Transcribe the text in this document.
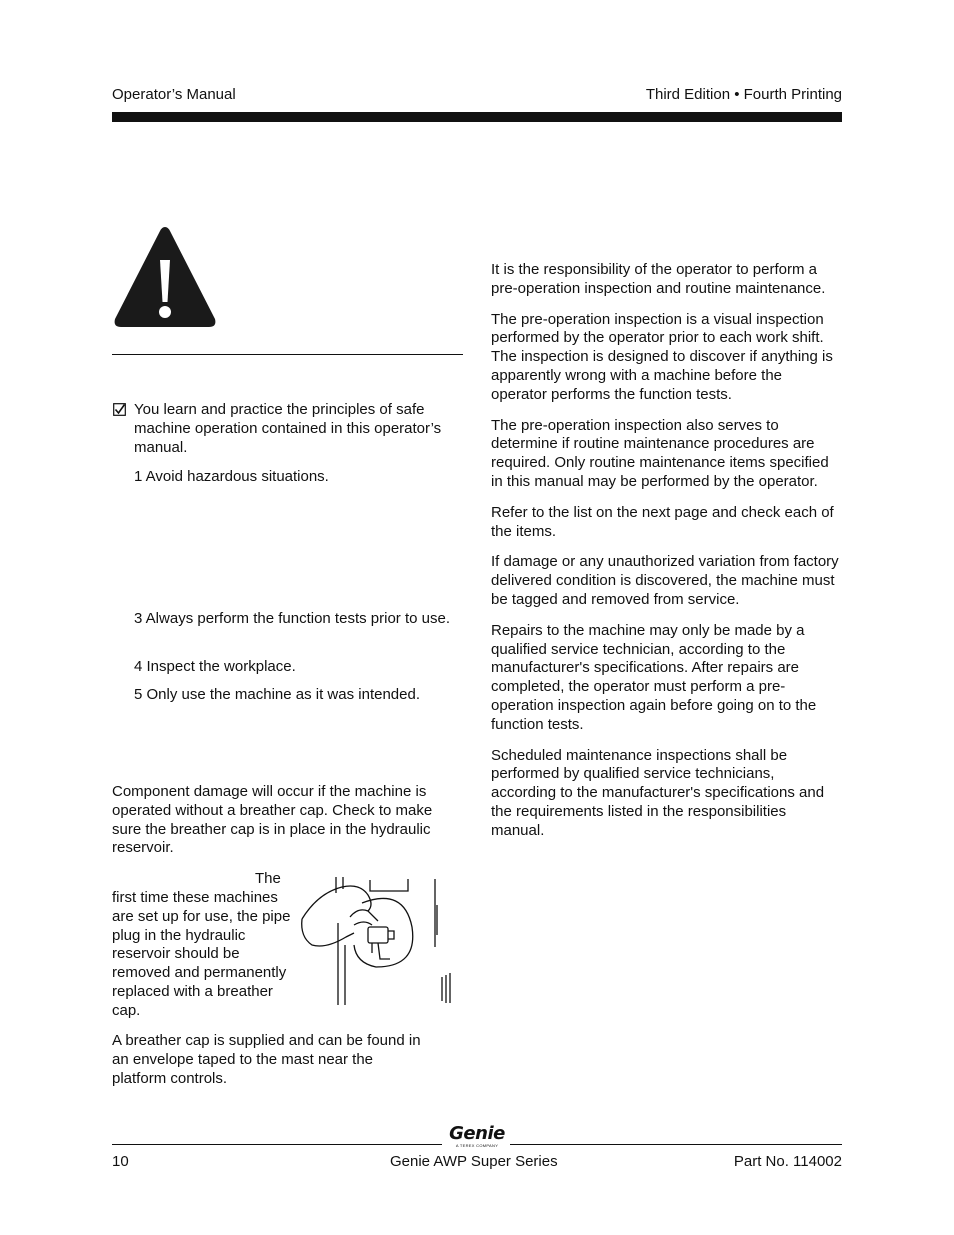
Operator’s Manual	Third Edition • Fourth Printing
You learn and practice the principles of safe machine operation contained in this operator’s manual.
1 Avoid hazardous situations.
3 Always perform the function tests prior to use.
4 Inspect the workplace.
5 Only use the machine as it was intended.
Component damage will occur if the machine is operated without a breather cap. Check to make sure the breather cap is in place in the hydraulic reservoir.
The
first time these machines are set up for use, the pipe plug in the hydraulic reservoir should be removed and permanently replaced with a breather cap.
A breather cap is supplied and can be found in an envelope taped to the mast near the platform controls.

It is the responsibility of the operator to perform a pre-operation inspection and routine maintenance.

The pre-operation inspection is a visual inspection performed by the operator prior to each work shift. The inspection is designed to discover if anything is apparently wrong with a machine before the operator performs the function tests.

The pre-operation inspection also serves to determine if routine maintenance procedures are required. Only routine maintenance items specified in this manual may be performed by the operator.

Refer to the list on the next page and check each of the items.

If damage or any unauthorized variation from factory delivered condition is discovered, the machine must be tagged and removed from service.

Repairs to the machine may only be made by a qualified service technician, according to the manufacturer's specifications. After repairs are completed, the operator must perform a pre-operation inspection again before going on to the function tests.

Scheduled maintenance inspections shall be performed by qualified service technicians, according to the manufacturer's specifications and the requirements listed in the responsibilities manual.

Genie
A TEREX COMPANY
10	Genie AWP Super Series	Part No. 114002
